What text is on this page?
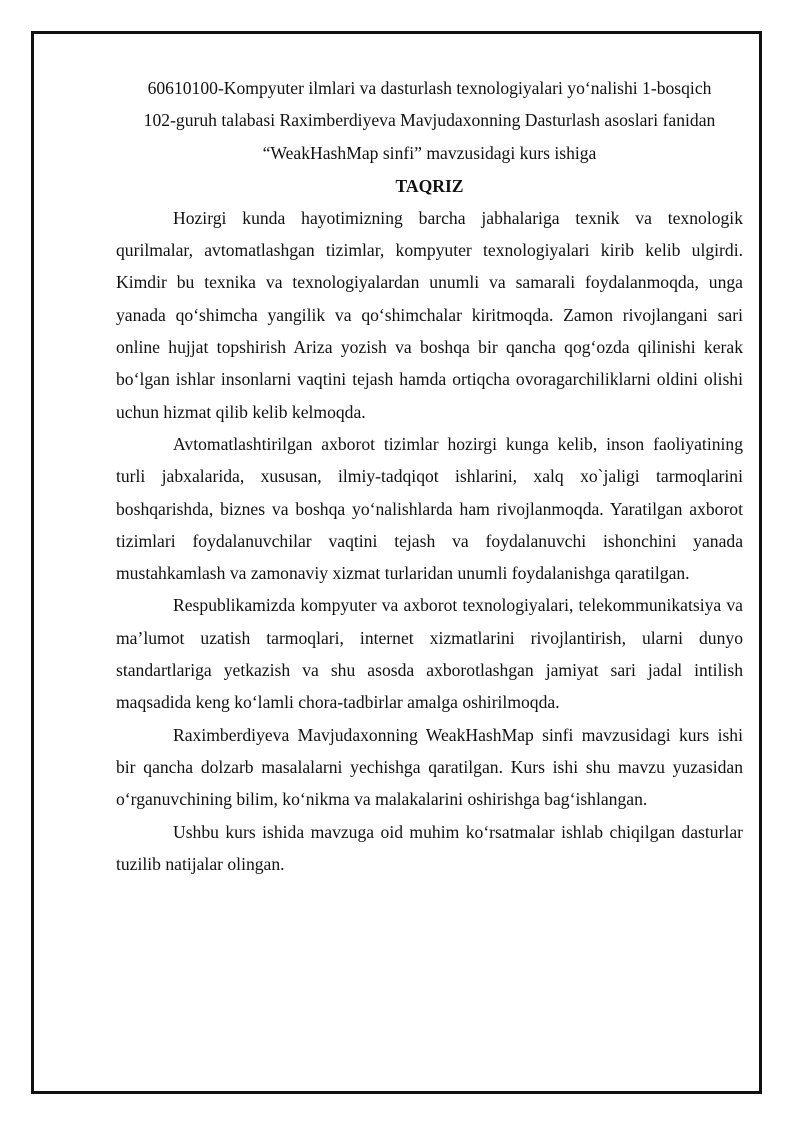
60610100-Kompyuter ilmlari va dasturlash texnologiyalari yo‘nalishi 1-bosqich
102-guruh talabasi Raximberdiyeva Mavjudaxonning Dasturlash asoslari fanidan
“WeakHashMap sinfi” mavzusidagi kurs ishiga

TAQRIZ

Hozirgi kunda hayotimizning barcha jabhalariga texnik va texnologik qurilmalar, avtomatlashgan tizimlar, kompyuter texnologiyalari kirib kelib ulgirdi. Kimdir bu texnika va texnologiyalardan unumli va samarali foydalanmoqda, unga yanada qo‘shimcha yangilik va qo‘shimchalar kiritmoqda. Zamon rivojlangani sari online hujjat topshirish Ariza yozish va boshqa bir qancha qog‘ozda qilinishi kerak bo‘lgan ishlar insonlarni vaqtini tejash hamda ortiqcha ovoragarchiliklarni oldini olishi uchun hizmat qilib kelib kelmoqda.

Avtomatlashtirilgan axborot tizimlar hozirgi kunga kelib, inson faoliyatining turli jabxalarida, xususan, ilmiy-tadqiqot ishlarini, xalq xo`jaligi tarmoqlarini boshqarishda, biznes va boshqa yo‘nalishlarda ham rivojlanmoqda. Yaratilgan axborot tizimlari foydalanuvchilar vaqtini tejash va foydalanuvchi ishonchini yanada mustahkamlash va zamonaviy xizmat turlaridan unumli foydalanishga qaratilgan.

Respublikamizda kompyuter va axborot texnologiyalari, telekommunikatsiya va ma’lumot uzatish tarmoqlari, internet xizmatlarini rivojlantirish, ularni dunyo standartlariga yetkazish va shu asosda axborotlashgan jamiyat sari jadal intilish maqsadida keng ko‘lamli chora-tadbirlar amalga oshirilmoqda.

Raximberdiyeva Mavjudaxonning WeakHashMap sinfi mavzusidagi kurs ishi bir qancha dolzarb masalalarni yechishga qaratilgan. Kurs ishi shu mavzu yuzasidan o‘rganuvchining bilim, ko‘nikma va malakalarini oshirishga bag‘ishlangan.

Ushbu kurs ishida mavzuga oid muhim ko‘rsatmalar ishlab chiqilgan dasturlar tuzilib natijalar olingan.
